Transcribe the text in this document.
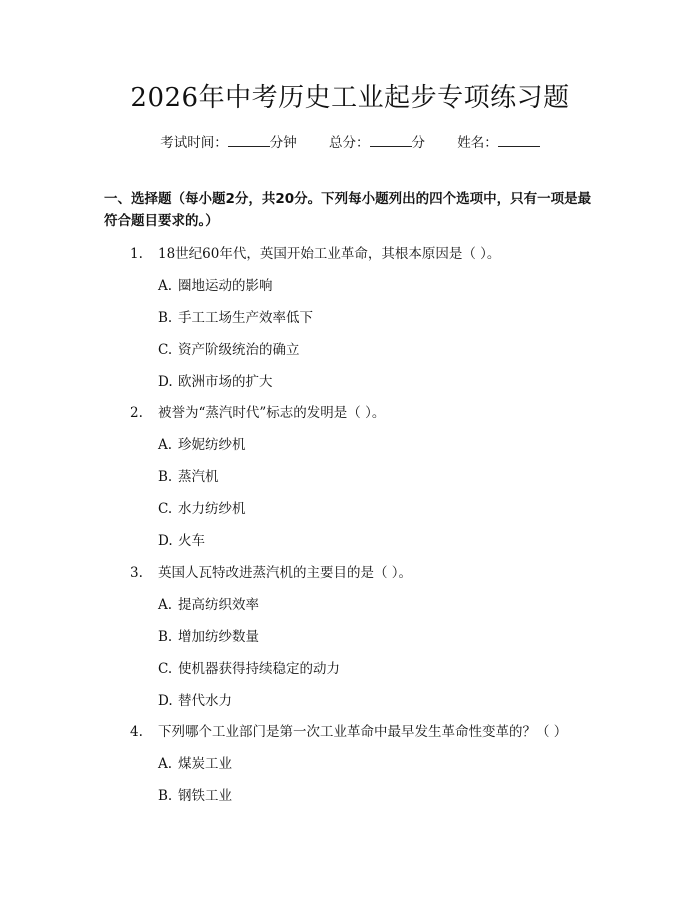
2026年中考历史工业起步专项练习题
考试时间：	分钟 总分：	分 姓名：
一、选择题（每小题2分，共20分。下列每小题列出的四个选项中，只有一项是最符合题目要求的。）
1. 18世纪60年代，英国开始工业革命，其根本原因是（ ）。
A. 圈地运动的影响
B. 手工工场生产效率低下
C. 资产阶级统治的确立
D. 欧洲市场的扩大
2. 被誉为“蒸汽时代”标志的发明是（ ）。
A. 珍妮纺纱机
B. 蒸汽机
C. 水力纺纱机
D. 火车
3. 英国人瓦特改进蒸汽机的主要目的是（ ）。
A. 提高纺织效率
B. 增加纺纱数量
C. 使机器获得持续稳定的动力
D. 替代水力
4. 下列哪个工业部门是第一次工业革命中最早发生革命性变革的？（ ）
A. 煤炭工业
B. 钢铁工业
